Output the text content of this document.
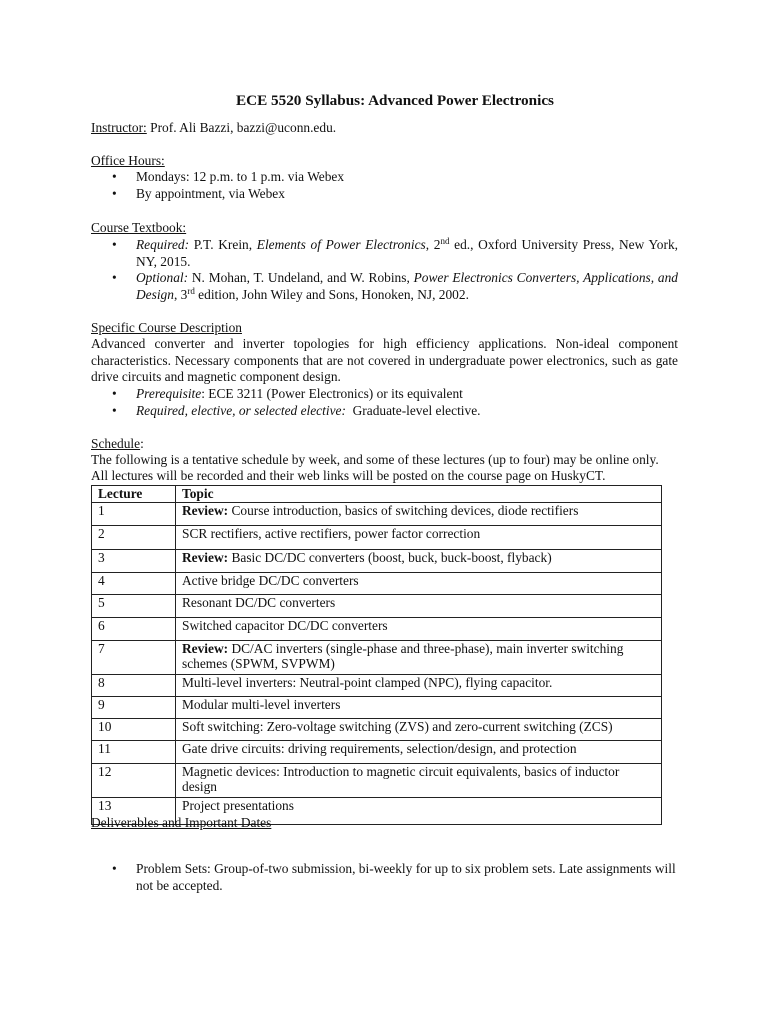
ECE 5520 Syllabus: Advanced Power Electronics
Instructor: Prof. Ali Bazzi, bazzi@uconn.edu.
Office Hours:
• Mondays: 12 p.m. to 1 p.m. via Webex
• By appointment, via Webex
Course Textbook:
• Required: P.T. Krein, Elements of Power Electronics, 2nd ed., Oxford University Press, New York, NY, 2015.
• Optional: N. Mohan, T. Undeland, and W. Robins, Power Electronics Converters, Applications, and Design, 3rd edition, John Wiley and Sons, Honoken, NJ, 2002.
Specific Course Description
Advanced converter and inverter topologies for high efficiency applications. Non-ideal component characteristics. Necessary components that are not covered in undergraduate power electronics, such as gate drive circuits and magnetic component design.
• Prerequisite: ECE 3211 (Power Electronics) or its equivalent
• Required, elective, or selected elective:  Graduate-level elective.
Schedule:
The following is a tentative schedule by week, and some of these lectures (up to four) may be online only.
All lectures will be recorded and their web links will be posted on the course page on HuskyCT.
Lecture	Topic
1	Review: Course introduction, basics of switching devices, diode rectifiers
2	SCR rectifiers, active rectifiers, power factor correction
3	Review: Basic DC/DC converters (boost, buck, buck-boost, flyback)
4	Active bridge DC/DC converters
5	Resonant DC/DC converters
6	Switched capacitor DC/DC converters
7	Review: DC/AC inverters (single-phase and three-phase), main inverter switching schemes (SPWM, SVPWM)
8	Multi-level inverters: Neutral-point clamped (NPC), flying capacitor.
9	Modular multi-level inverters
10	Soft switching: Zero-voltage switching (ZVS) and zero-current switching (ZCS)
11	Gate drive circuits: driving requirements, selection/design, and protection
12	Magnetic devices: Introduction to magnetic circuit equivalents, basics of inductor design
13	Project presentations
Deliverables and Important Dates
• Problem Sets: Group-of-two submission, bi-weekly for up to six problem sets. Late assignments will not be accepted.
